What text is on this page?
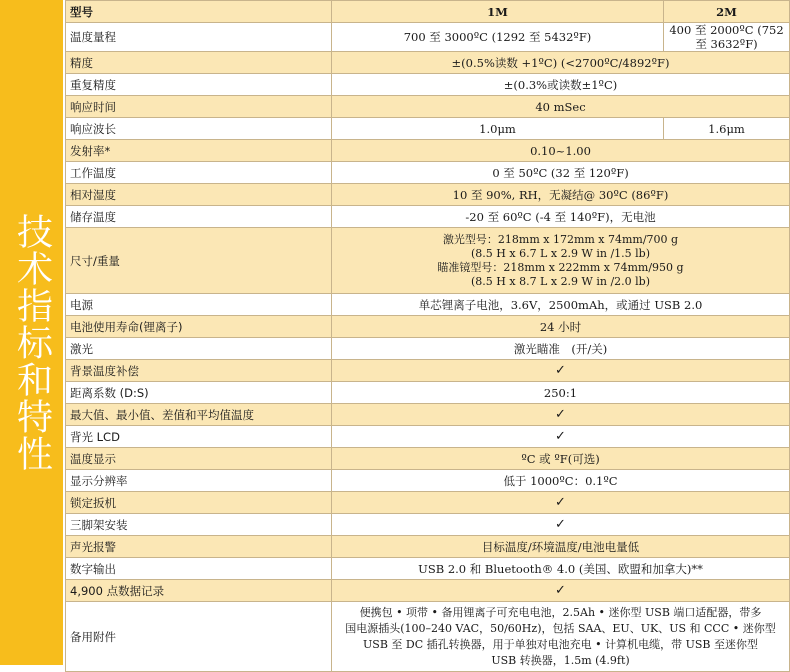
技术指标和特性
型号	1M	2M
温度量程	700 至 3000ºC (1292 至 5432ºF)	400 至 2000ºC (752 至 3632ºF)
精度	±(0.5%读数 +1ºC) (<2700ºC/4892ºF)	
重复精度	±(0.3%或读数±1ºC)	
响应时间	40 mSec	
响应波长	1.0μm	1.6μm
发射率*	0.10~1.00	
工作温度	0 至 50ºC (32 至 120ºF)	
相对湿度	10 至 90%, RH，无凝结@ 30ºC (86ºF)	
储存温度	-20 至 60ºC (-4 至 140ºF)，无电池	
尺寸/重量	激光型号：218mm x 172mm x 74mm/700 g
(8.5 H x 6.7 L x 2.9 W in /1.5 lb)
瞄准镜型号：218mm x 222mm x 74mm/950 g
(8.5 H x 8.7 L x 2.9 W in /2.0 lb)	

电源	单芯锂离子电池，3.6V，2500mAh，或通过 USB 2.0	
电池使用寿命(锂离子)	24 小时	
激光	激光瞄准　(开/关)	
背景温度补偿	✓	
距离系数 (D:S)	250:1	
最大值、最小值、差值和平均值温度	✓	
背光 LCD	✓	
温度显示	ºC 或 ºF(可选)	
显示分辨率	低于 1000ºC：0.1ºC	
锁定扳机	✓	
三脚架安装	✓	
声光报警	目标温度/环境温度/电池电量低	
数字输出	USB 2.0 和 Bluetooth® 4.0 (美国、欧盟和加拿大)**	
4,900 点数据记录	✓	
备用附件	便携包 • 项带 • 备用锂离子可充电电池，2.5Ah • 迷你型 USB 端口适配器，带多
国电源插头(100–240 VAC，50/60Hz)，包括 SAA、EU、UK、US 和 CCC • 迷你型
USB 至 DC 插孔转换器，用于单独对电池充电 • 计算机电缆，带 USB 至迷你型
USB 转换器，1.5m (4.9ft)	
